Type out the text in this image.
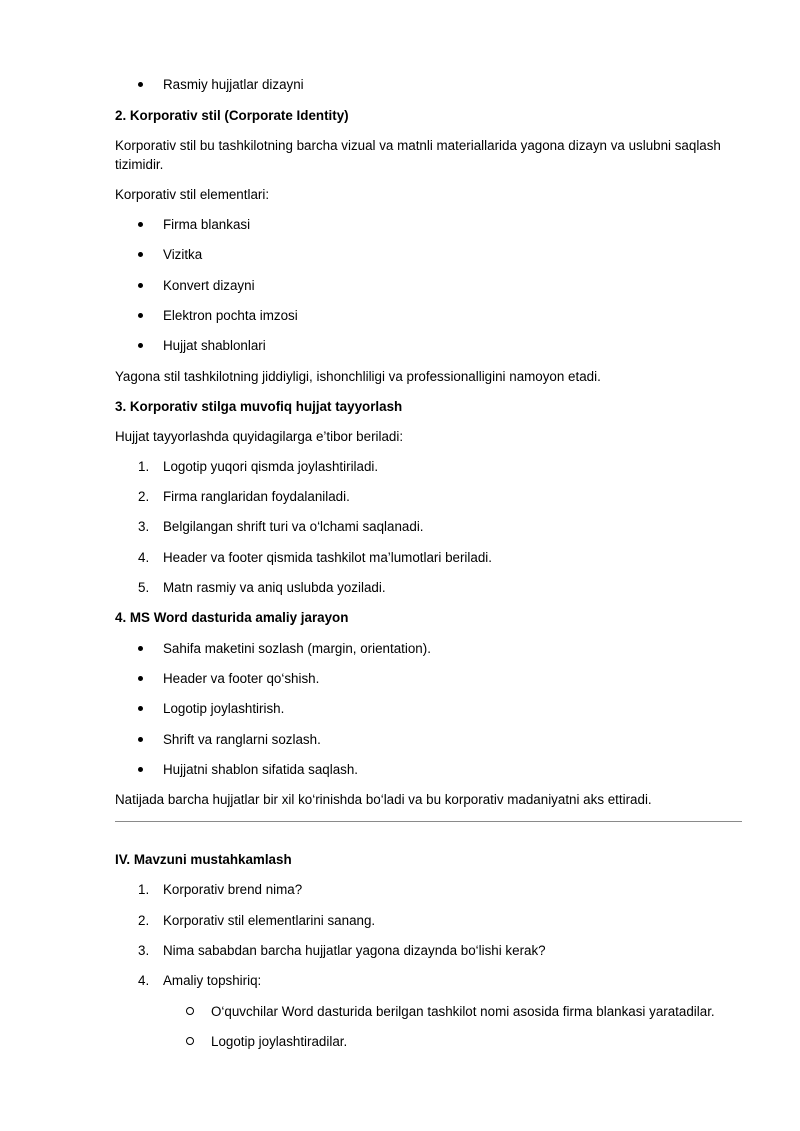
Rasmiy hujjatlar dizayni
2. Korporativ stil (Corporate Identity)
Korporativ stil bu tashkilotning barcha vizual va matnli materiallarida yagona dizayn va uslubni saqlash
tizimidir.
Korporativ stil elementlari:
Firma blankasi
Vizitka
Konvert dizayni
Elektron pochta imzosi
Hujjat shablonlari
Yagona stil tashkilotning jiddiyligi, ishonchliligi va professionalligini namoyon etadi.
3. Korporativ stilga muvofiq hujjat tayyorlash
Hujjat tayyorlashda quyidagilarga e’tibor beriladi:
1.	Logotip yuqori qismda joylashtiriladi.
2.	Firma ranglaridan foydalaniladi.
3.	Belgilangan shrift turi va o‘lchami saqlanadi.
4.	Header va footer qismida tashkilot ma’lumotlari beriladi.
5.	Matn rasmiy va aniq uslubda yoziladi.
4. MS Word dasturida amaliy jarayon
Sahifa maketini sozlash (margin, orientation).
Header va footer qo‘shish.
Logotip joylashtirish.
Shrift va ranglarni sozlash.
Hujjatni shablon sifatida saqlash.
Natijada barcha hujjatlar bir xil ko‘rinishda bo‘ladi va bu korporativ madaniyatni aks ettiradi.
IV. Mavzuni mustahkamlash
1.	Korporativ brend nima?
2.	Korporativ stil elementlarini sanang.
3.	Nima sababdan barcha hujjatlar yagona dizaynda bo‘lishi kerak?
4.	Amaliy topshiriq:
O‘quvchilar Word dasturida berilgan tashkilot nomi asosida firma blankasi yaratadilar.
Logotip joylashtiradilar.
